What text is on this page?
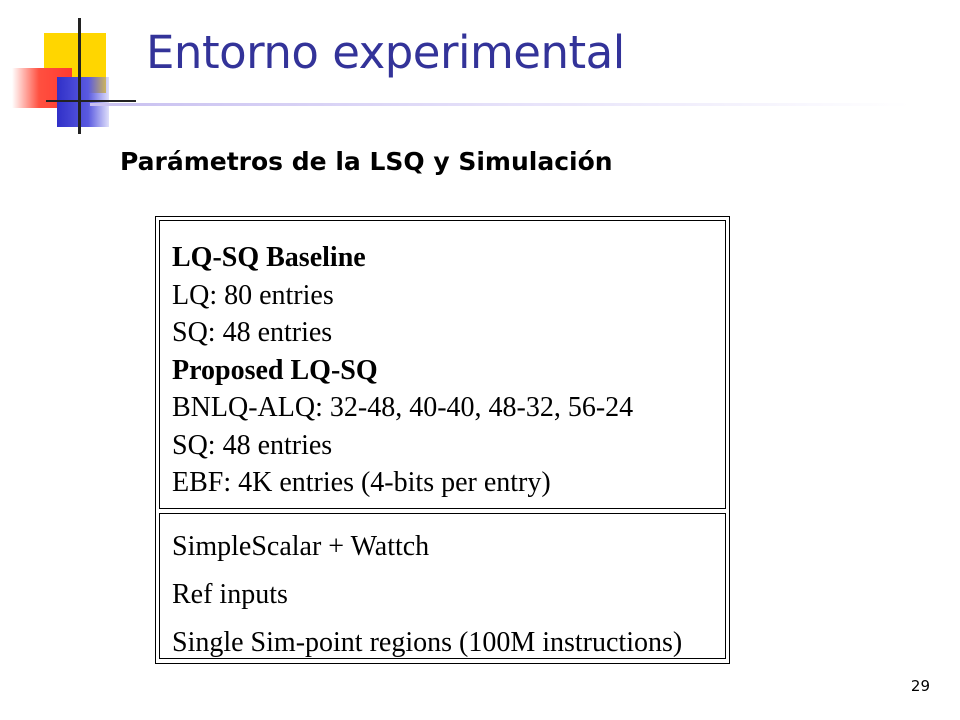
Entorno experimental
Parámetros de la LSQ y Simulación
LQ-SQ Baseline
LQ: 80 entries
SQ: 48 entries
Proposed LQ-SQ
BNLQ-ALQ: 32-48, 40-40, 48-32, 56-24
SQ: 48 entries
EBF: 4K entries (4-bits per entry)
SimpleScalar + Wattch
Ref inputs
Single Sim-point regions (100M instructions)
29
